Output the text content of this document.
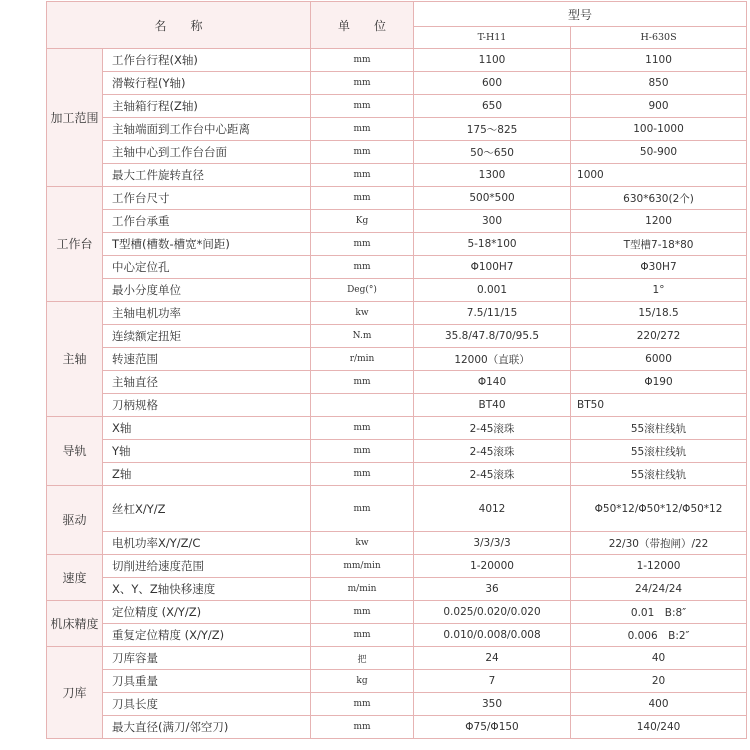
名　　称		单　　位	型号	
			T-H11	H-630S
加工范围	工作台行程(X轴)	mm	1100	1100
	滑鞍行程(Y轴)	mm	600	850
	主轴箱行程(Z轴)	mm	650	900
	主轴端面到工作台中心距离	mm	175～825	100-1000
	主轴中心到工作台台面	mm	50～650	50-900
	最大工件旋转直径	mm	1300	1000
工作台	工作台尺寸	mm	500*500	630*630(2个)
	工作台承重	Kg	300	1200
	T型槽(槽数-槽宽*间距)	mm	5-18*100	T型槽7-18*80
	中心定位孔	mm	Φ100H7	Φ30H7
	最小分度单位	Deg(°)	0.001	1°
主轴	主轴电机功率	kw	7.5/11/15	15/18.5
	连续额定扭矩	N.m	35.8/47.8/70/95.5	220/272
	转速范围	r/min	12000（直联）	6000
	主轴直径	mm	Φ140	Φ190
	刀柄规格		BT40	BT50
导轨	X轴	mm	2-45滚珠	55滚柱线轨
	Y轴	mm	2-45滚珠	55滚柱线轨
	Z轴	mm	2-45滚珠	55滚柱线轨
驱动	丝杠X/Y/Z	mm	4012	Φ50*12/Φ50*12/Φ50*12
	电机功率X/Y/Z/C	kw	3/3/3/3	22/30（带抱闸）/22
速度	切削进给速度范围	mm/min	1-20000	1-12000
	X、Y、Z轴快移速度	m/min	36	24/24/24
机床精度	定位精度 (X/Y/Z)	mm	0.025/0.020/0.020	0.01　B:8″
	重复定位精度 (X/Y/Z)	mm	0.010/0.008/0.008	0.006　B:2″
刀库	刀库容量	把	24	40
	刀具重量	kg	7	20
	刀具长度	mm	350	400
	最大直径(满刀/邻空刀)	mm	Φ75/Φ150	140/240
